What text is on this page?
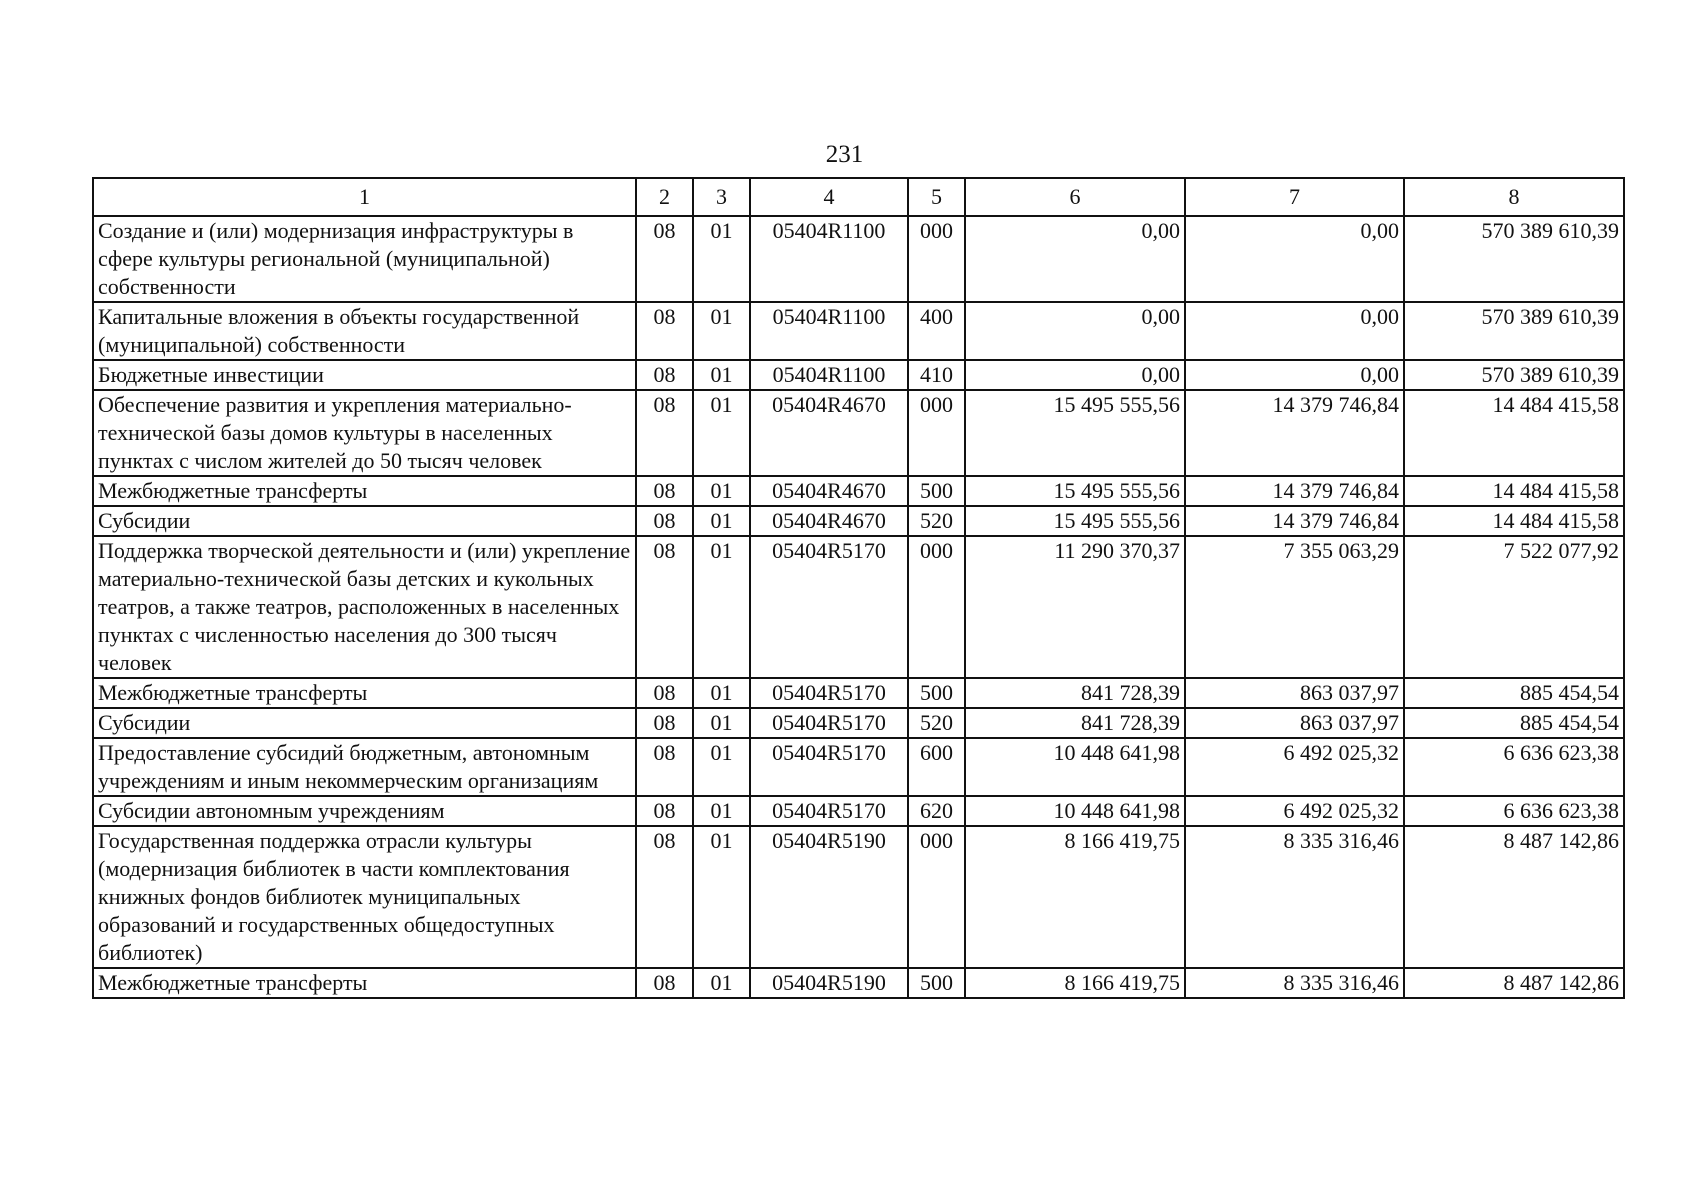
231
1	2	3	4	5	6	7	8
Создание и (или) модернизация инфраструктуры в сфере культуры региональной (муниципальной) собственности	08	01	05404R1100	000	0,00	0,00	570 389 610,39
Капитальные вложения в объекты государственной (муниципальной) собственности	08	01	05404R1100	400	0,00	0,00	570 389 610,39
Бюджетные инвестиции	08	01	05404R1100	410	0,00	0,00	570 389 610,39
Обеспечение развития и укрепления материально-технической базы домов культуры в населенных пунктах с числом жителей до 50 тысяч человек	08	01	05404R4670	000	15 495 555,56	14 379 746,84	14 484 415,58
Межбюджетные трансферты	08	01	05404R4670	500	15 495 555,56	14 379 746,84	14 484 415,58
Субсидии	08	01	05404R4670	520	15 495 555,56	14 379 746,84	14 484 415,58
Поддержка творческой деятельности и (или) укрепление материально-технической базы детских и кукольных театров, а также театров, расположенных в населенных пунктах с численностью населения до 300 тысяч человек	08	01	05404R5170	000	11 290 370,37	7 355 063,29	7 522 077,92
Межбюджетные трансферты	08	01	05404R5170	500	841 728,39	863 037,97	885 454,54
Субсидии	08	01	05404R5170	520	841 728,39	863 037,97	885 454,54
Предоставление субсидий бюджетным, автономным учреждениям и иным некоммерческим организациям	08	01	05404R5170	600	10 448 641,98	6 492 025,32	6 636 623,38
Субсидии автономным учреждениям	08	01	05404R5170	620	10 448 641,98	6 492 025,32	6 636 623,38
Государственная поддержка отрасли культуры (модернизация библиотек в части комплектования книжных фондов библиотек муниципальных образований и государственных общедоступных библиотек)	08	01	05404R5190	000	8 166 419,75	8 335 316,46	8 487 142,86
Межбюджетные трансферты	08	01	05404R5190	500	8 166 419,75	8 335 316,46	8 487 142,86
